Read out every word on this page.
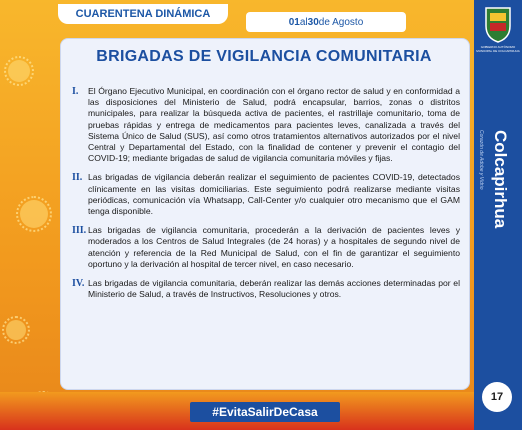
CUARENTENA DINÁMICA
01 al 30 de Agosto
BRIGADAS DE VIGILANCIA COMUNITARIA
I.	El Órgano Ejecutivo Municipal, en coordinación con el órgano rector de salud y en conformidad a las disposiciones del Ministerio de Salud, podrá encapsular, barrios, zonas o distritos municipales, para realizar la búsqueda activa de pacientes, el rastrillaje comunitario, toma de pruebas rápidas y entrega de medicamentos para pacientes leves, canalizada a través del Sistema Único de Salud (SUS), así como otros tratamientos alternativos autorizados por el nivel Central y Departamental del Estado, con la finalidad de contener y prevenir el contagio del COVID-19; mediante brigadas de salud de vigilancia comunitaria móviles y fijas.
II. Las brigadas de vigilancia deberán realizar el seguimiento de pacientes COVID-19, detectados clínicamente en las visitas domiciliarias. Este seguimiento podrá realizarse mediante visitas periódicas, comunicación vía Whatsapp, Call-Center y/o cualquier otro mecanismo que el GAM tenga disponible.
III. Las brigadas de vigilancia comunitaria, procederán a la derivación de pacientes leves y moderados a los Centros de Salud Integrales (de 24 horas) y a hospitales de segundo nivel de atención y referencia de la Red Municipal de Salud, con el fin de garantizar el seguimiento oportuno y la derivación al hospital de tercer nivel, en caso necesario.
IV. Las brigadas de vigilancia comunitaria, deberán realizar las demás acciones determinadas por el Ministerio de Salud, a través de Instructivos, Resoluciones y otros.
GOBIERNO AUTÓNOMO MUNICIPAL DE COLCAPIRHUA
Colcapirhua
Corazón de Adobe y Vidrio
17
#EvitaSalirDeCasa
